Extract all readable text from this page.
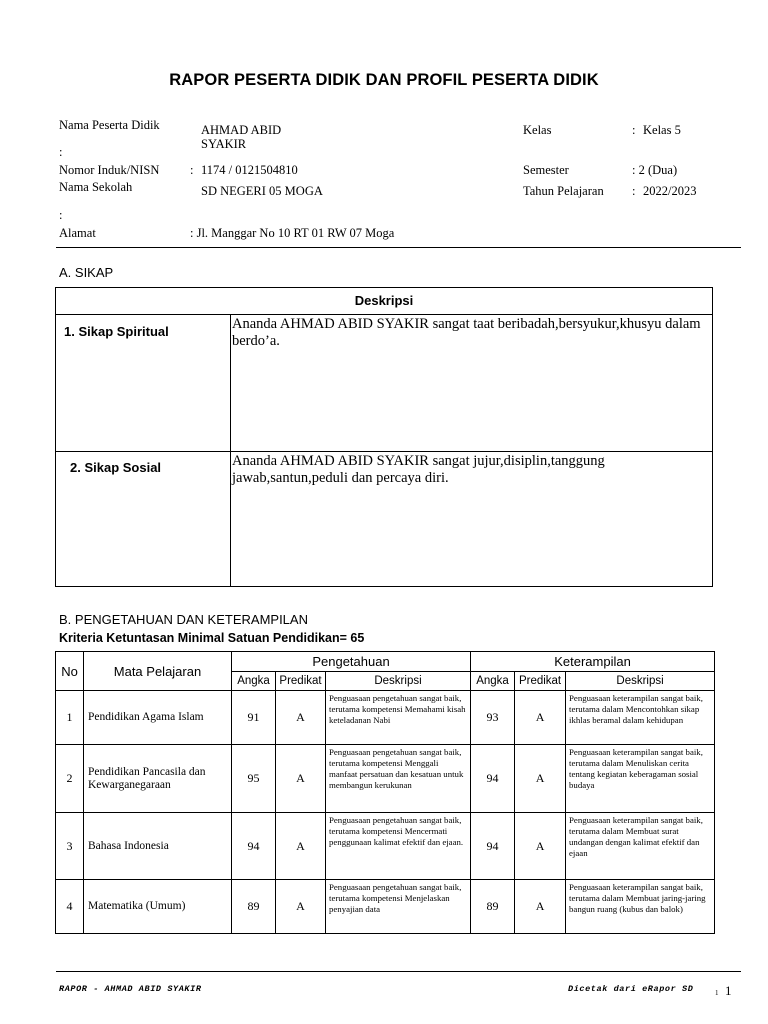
RAPOR PESERTA DIDIK DAN PROFIL PESERTA DIDIK
Nama Peserta Didik
:
AHMAD ABID
SYAKIR
Nomor Induk/NISN : 1174 / 0121504810
Nama Sekolah
:
SD NEGERI 05 MOGA
Alamat	: Jl. Manggar No 10 RT 01 RW 07 Moga
Kelas	: Kelas 5
Semester	: 2 (Dua)
Tahun Pelajaran : 2022/2023
A. SIKAP
Deskripsi
1. Sikap Spiritual	Ananda AHMAD ABID SYAKIR sangat taat beribadah,bersyukur,khusyu dalam berdo’a.
2. Sikap Sosial	Ananda AHMAD ABID SYAKIR sangat jujur,disiplin,tanggung jawab,santun,peduli dan percaya diri.
B. PENGETAHUAN DAN KETERAMPILAN
Kriteria Ketuntasan Minimal Satuan Pendidikan= 65
No	Mata Pelajaran	Pengetahuan			Keterampilan		
		Angka	Predikat	Deskripsi	Angka	Predikat	Deskripsi
1	Pendidikan Agama Islam	91	A	Penguasaan pengetahuan sangat baik, terutama kompetensi Memahami kisah keteladanan Nabi	93	A	Penguasaan keterampilan sangat baik, terutama dalam Mencontohkan sikap ikhlas beramal dalam kehidupan
2	Pendidikan Pancasila dan Kewarganegaraan	95	A	Penguasaan pengetahuan sangat baik, terutama kompetensi Menggali manfaat persatuan dan kesatuan untuk membangun kerukunan	94	A	Penguasaan keterampilan sangat baik, terutama dalam Menuliskan cerita tentang kegiatan keberagaman sosial budaya
3	Bahasa Indonesia	94	A	Penguasaan pengetahuan sangat baik, terutama kompetensi Mencermati penggunaan kalimat efektif dan ejaan.	94	A	Penguasaan keterampilan sangat baik, terutama dalam Membuat surat undangan dengan kalimat efektif dan ejaan
4	Matematika (Umum)	89	A	Penguasaan pengetahuan sangat baik, terutama kompetensi Menjelaskan penyajian data	89	A	Penguasaan keterampilan sangat baik, terutama dalam Membuat jaring-jaring bangun ruang (kubus dan balok)
RAPOR - AHMAD ABID SYAKIR	Dicetak dari eRapor SD	1 1
